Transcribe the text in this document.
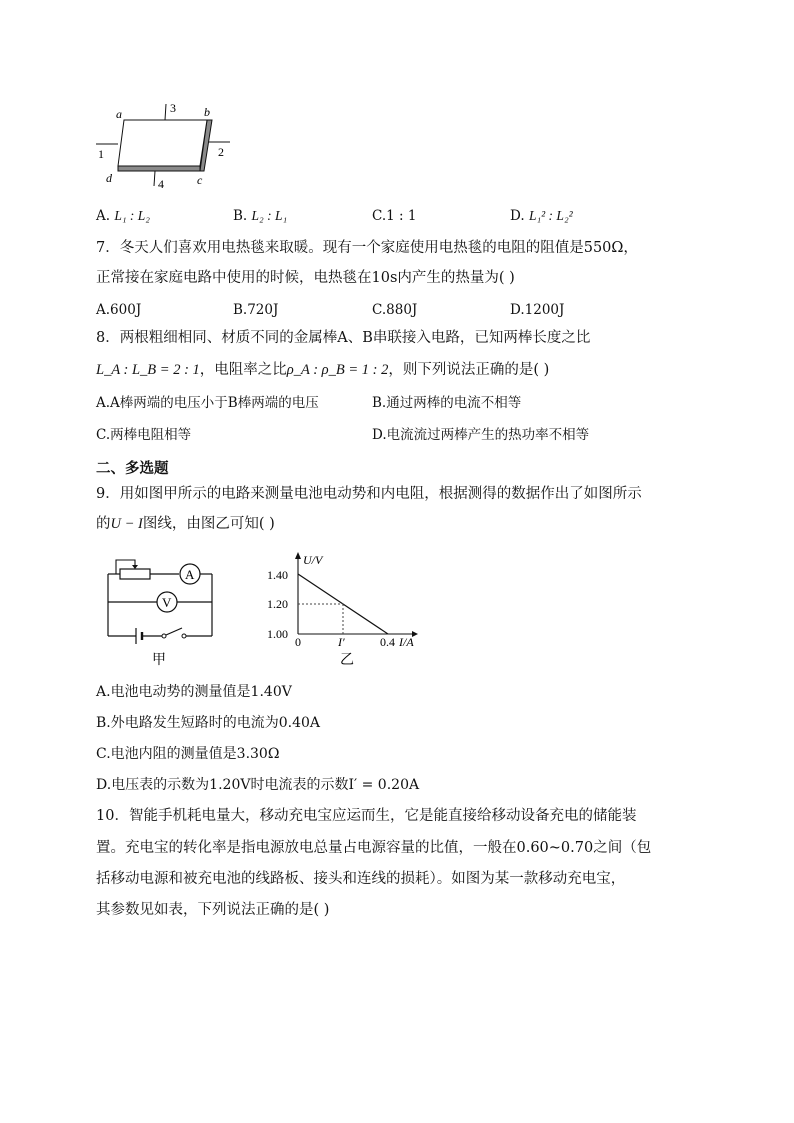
a	b
c
d
1	2
3
4
A. L₁ : L₂	B. L₂ : L₁	C.1 : 1	D. L₁² : L₂²
7．冬天人们喜欢用电热毯来取暖。现有一个家庭使用电热毯的电阻的阻值是550Ω，
正常接在家庭电路中使用的时候，电热毯在10s内产生的热量为( )
A.600J	B.720J	C.880J	D.1200J
8．两根粗细相同、材质不同的金属棒A、B串联接入电路，已知两棒长度之比
L_A : L_B = 2 : 1，电阻率之比ρ_A : ρ_B = 1 : 2，则下列说法正确的是( )
A.A棒两端的电压小于B棒两端的电压	B.通过两棒的电流不相等
C.两棒电阻相等	D.电流流过两棒产生的热功率不相等
二、多选题
9．用如图甲所示的电路来测量电池电动势和内电阻，根据测得的数据作出了如图所示
的U − I图线，由图乙可知( )
A
V
甲
U/V
I/A
1.40
1.20
1.00
0	I′	0.4
乙
A.电池电动势的测量值是1.40V
B.外电路发生短路时的电流为0.40A
C.电池内阻的测量值是3.30Ω
D.电压表的示数为1.20V时电流表的示数I′ = 0.20A
10．智能手机耗电量大，移动充电宝应运而生，它是能直接给移动设备充电的储能装
置。充电宝的转化率是指电源放电总量占电源容量的比值，一般在0.60~0.70之间（包
括移动电源和被充电池的线路板、接头和连线的损耗）。如图为某一款移动充电宝，
其参数见如表，下列说法正确的是( )
